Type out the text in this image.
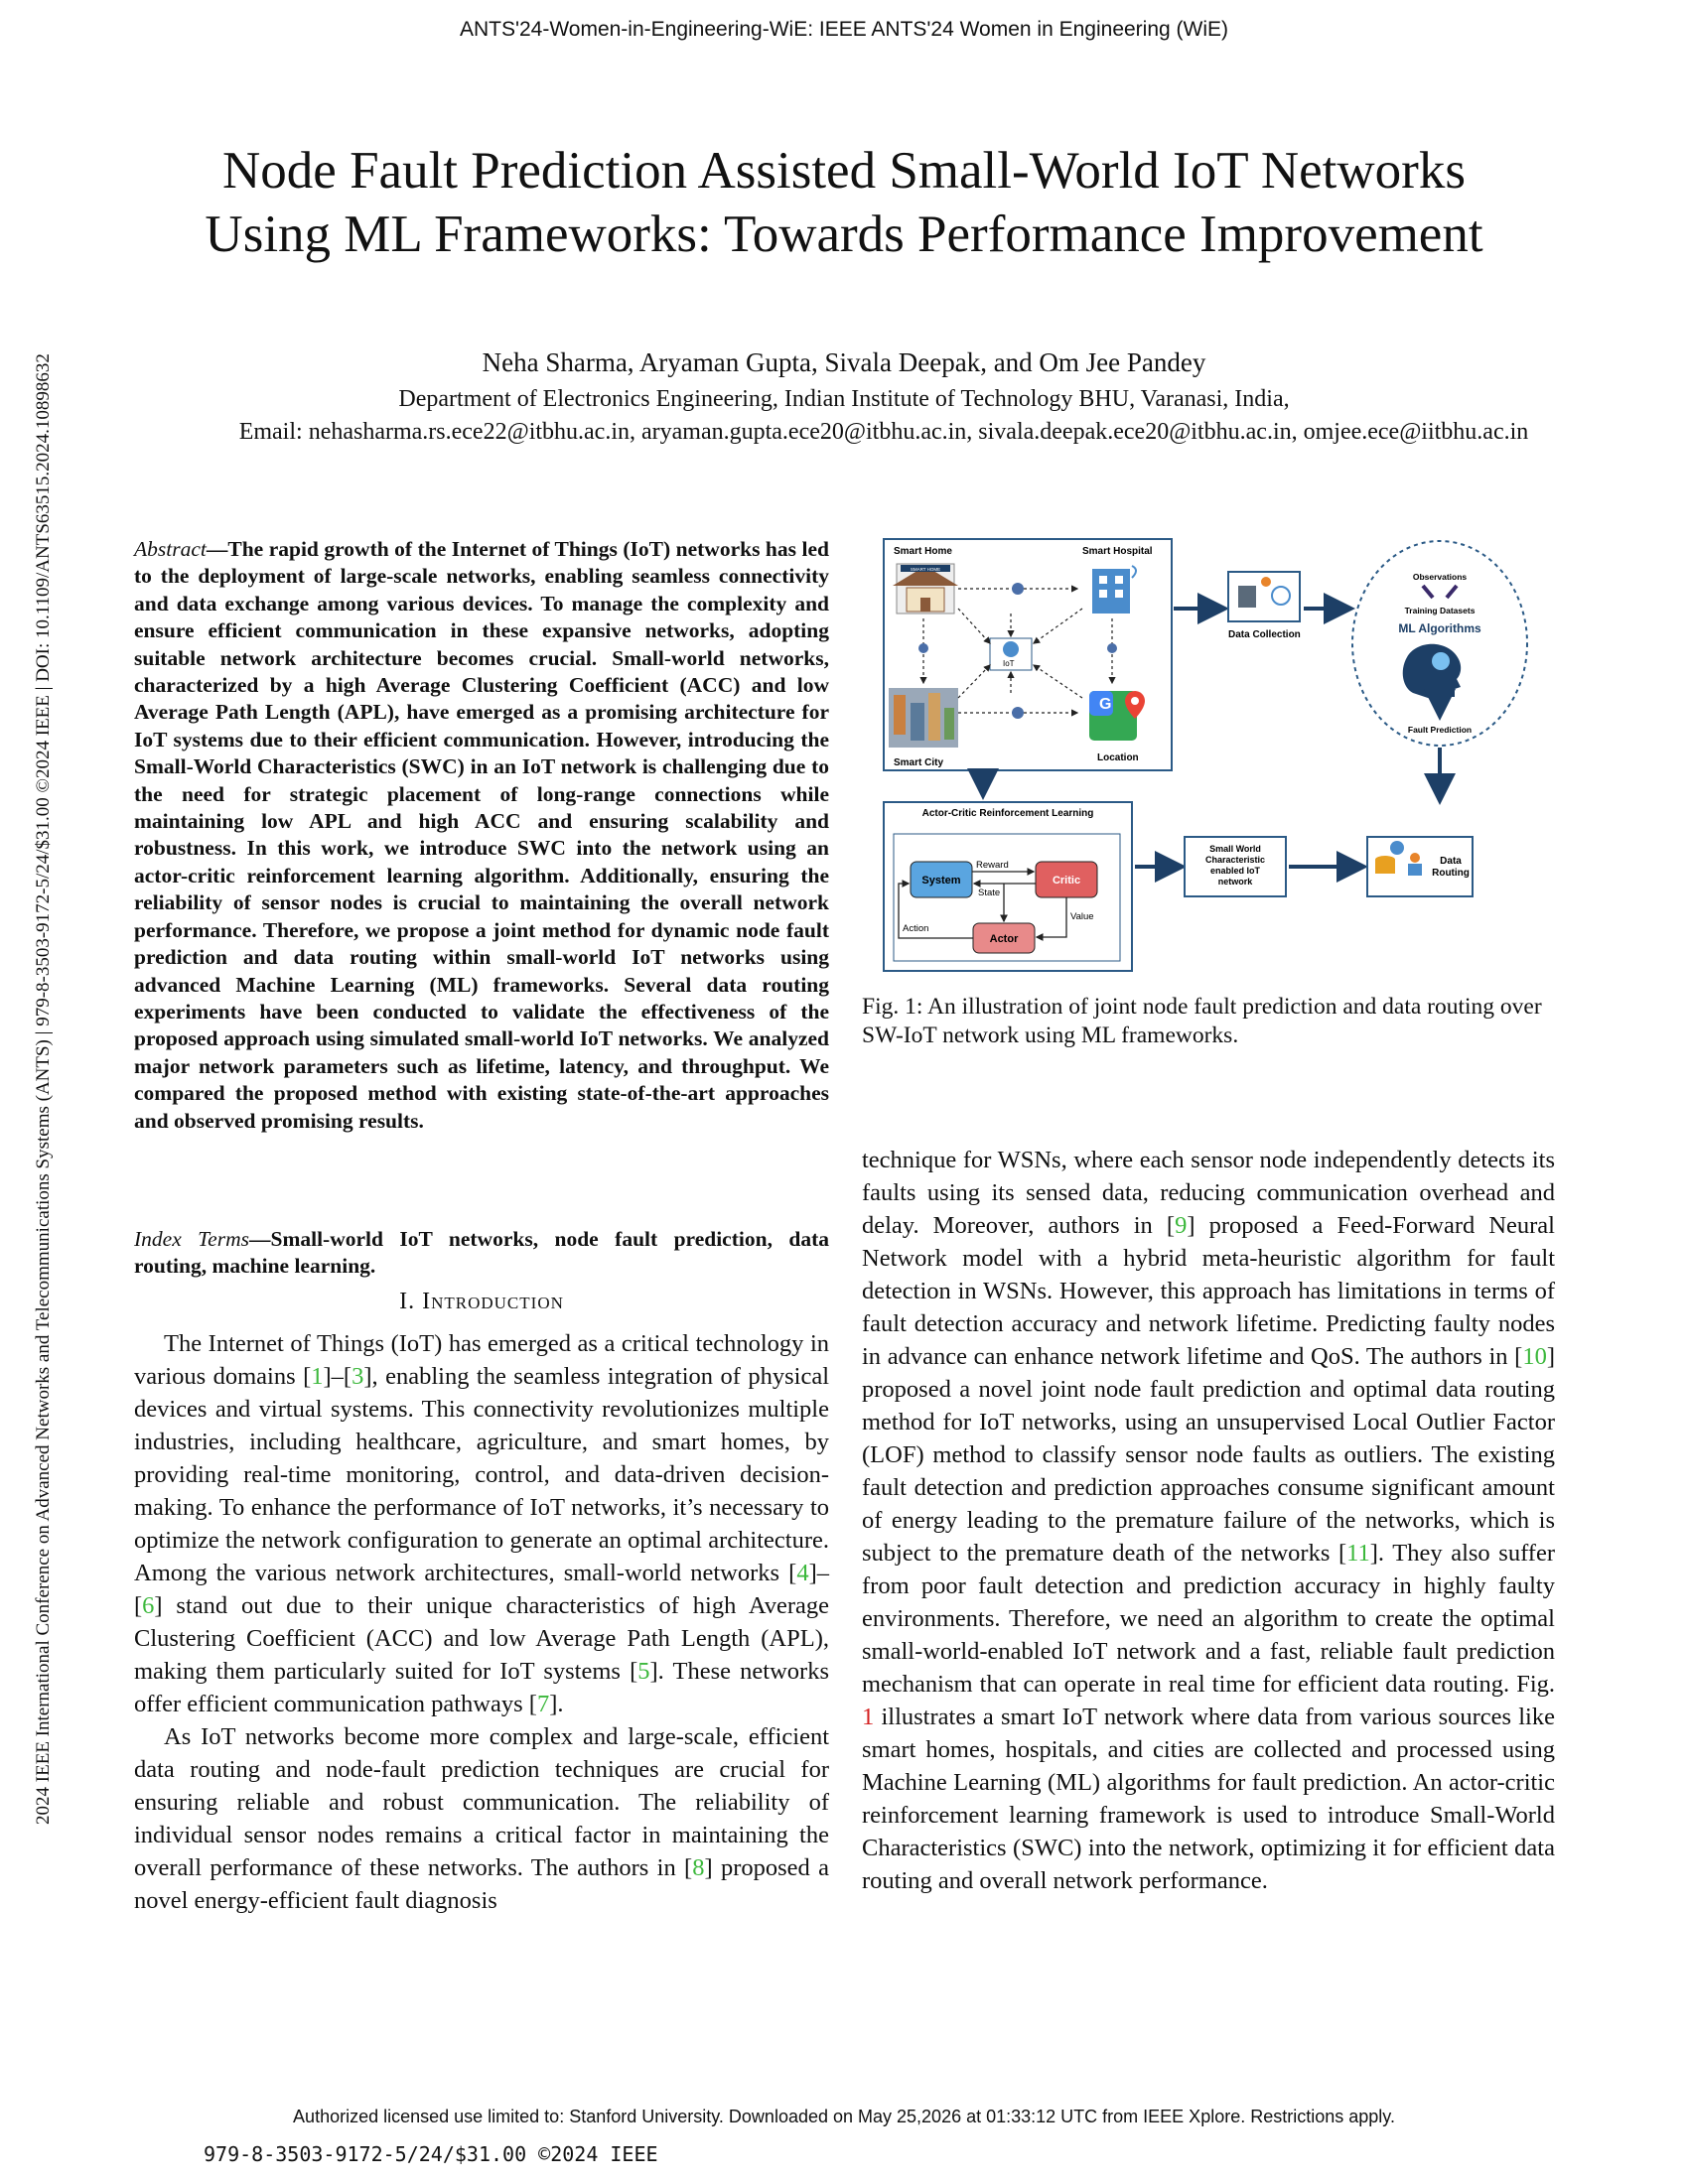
ANTS'24-Women-in-Engineering-WiE: IEEE ANTS'24 Women in Engineering (WiE)
2024 IEEE International Conference on Advanced Networks and Telecommunications Systems (ANTS) | 979-8-3503-9172-5/24/$31.00 ©2024 IEEE | DOI: 10.1109/ANTS63515.2024.10898632
Node Fault Prediction Assisted Small-World IoT Networks
Using ML Frameworks: Towards Performance Improvement
Neha Sharma, Aryaman Gupta, Sivala Deepak, and Om Jee Pandey
Department of Electronics Engineering, Indian Institute of Technology BHU, Varanasi, India,
Email: nehasharma.rs.ece22@itbhu.ac.in, aryaman.gupta.ece20@itbhu.ac.in, sivala.deepak.ece20@itbhu.ac.in, omjee.ece@iitbhu.ac.in
Abstract—The rapid growth of the Internet of Things (IoT) networks has led to the deployment of large-scale networks, enabling seamless connectivity and data exchange among various devices. To manage the complexity and ensure efficient communication in these expansive networks, adopting suitable network architecture becomes crucial. Small-world networks, characterized by a high Average Clustering Coefficient (ACC) and low Average Path Length (APL), have emerged as a promising architecture for IoT systems due to their efficient communication. However, introducing the Small-World Characteristics (SWC) in an IoT network is challenging due to the need for strategic placement of long-range connections while maintaining low APL and high ACC and ensuring scalability and robustness. In this work, we introduce SWC into the network using an actor-critic reinforcement learning algorithm. Additionally, ensuring the reliability of sensor nodes is crucial to maintaining the overall network performance. Therefore, we propose a joint method for dynamic node fault prediction and data routing within small-world IoT networks using advanced Machine Learning (ML) frameworks. Several data routing experiments have been conducted to validate the effectiveness of the proposed approach using simulated small-world IoT networks. We analyzed major network parameters such as lifetime, latency, and throughput. We compared the proposed method with existing state-of-the-art approaches and observed promising results.
Index Terms—Small-world IoT networks, node fault prediction, data routing, machine learning.
I. Introduction

The Internet of Things (IoT) has emerged as a critical technology in various domains [1]–[3], enabling the seamless integration of physical devices and virtual systems. This connectivity revolutionizes multiple industries, including healthcare, agriculture, and smart homes, by providing real-time monitoring, control, and data-driven decision-making. To enhance the performance of IoT networks, it’s necessary to optimize the network configuration to generate an optimal architecture. Among the various network architectures, small-world networks [4]–[6] stand out due to their unique characteristics of high Average Clustering Coefficient (ACC) and low Average Path Length (APL), making them particularly suited for IoT systems [5]. These networks offer efficient communication pathways [7].

As IoT networks become more complex and large-scale, efficient data routing and node-fault prediction techniques are crucial for ensuring reliable and robust communication. The reliability of individual sensor nodes remains a critical factor in maintaining the overall performance of these networks. The authors in [8] proposed a novel energy-efficient fault diagnosis

Smart Home	Smart Hospital
SMART HOME
Smart City
G
Location
IoT
Data Collection
Observations
Training Datasets
ML Algorithms
Fault Prediction
Actor-Critic Reinforcement Learning
System	Critic
Actor
Reward
State
Action
Value
Small World
Characteristic
enabled IoT
network
Data
Routing
Fig. 1: An illustration of joint node fault prediction and data routing over SW-IoT network using ML frameworks.

technique for WSNs, where each sensor node independently detects its faults using its sensed data, reducing communication overhead and delay. Moreover, authors in [9] proposed a Feed-Forward Neural Network model with a hybrid meta-heuristic algorithm for fault detection in WSNs. However, this approach has limitations in terms of fault detection accuracy and network lifetime. Predicting faulty nodes in advance can enhance network lifetime and QoS. The authors in [10] proposed a novel joint node fault prediction and optimal data routing method for IoT networks, using an unsupervised Local Outlier Factor (LOF) method to classify sensor node faults as outliers. The existing fault detection and prediction approaches consume significant amount of energy leading to the premature failure of the networks, which is subject to the premature death of the networks [11]. They also suffer from poor fault detection and prediction accuracy in highly faulty environments. Therefore, we need an algorithm to create the optimal small-world-enabled IoT network and a fast, reliable fault prediction mechanism that can operate in real time for efficient data routing. Fig. 1 illustrates a smart IoT network where data from various sources like smart homes, hospitals, and cities are collected and processed using Machine Learning (ML) algorithms for fault prediction. An actor-critic reinforcement learning framework is used to introduce Small-World Characteristics (SWC) into the network, optimizing it for efficient data routing and overall network performance.

Authorized licensed use limited to: Stanford University. Downloaded on May 25,2026 at 01:33:12 UTC from IEEE Xplore. Restrictions apply.
979-8-3503-9172-5/24/$31.00 ©2024 IEEE
